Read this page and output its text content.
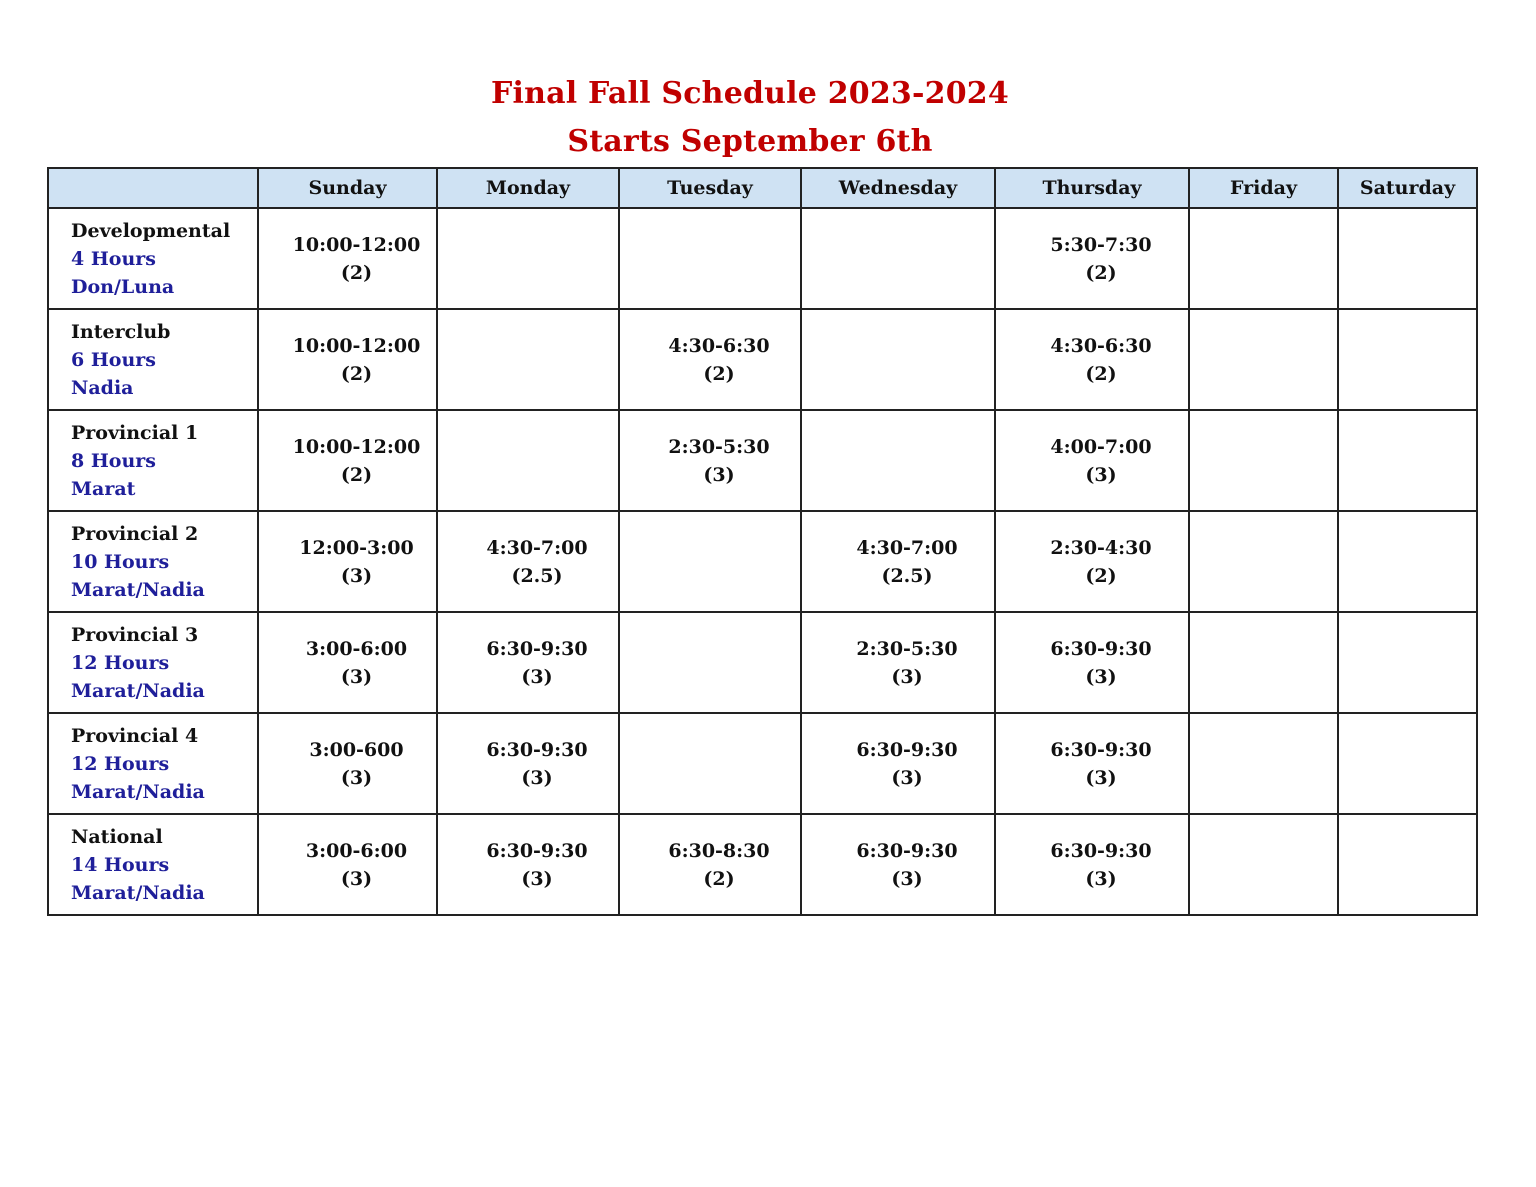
Final Fall Schedule 2023-2024
Starts September 6th
	Sunday	Monday	Tuesday	Wednesday	Thursday	Friday	Saturday

Developmental
4 Hours
Don/Luna	10:00-12:00
(2)				5:30-7:30
(2)		

Interclub
6 Hours
Nadia	10:00-12:00
(2)		4:30-6:30
(2)		4:30-6:30
(2)		

Provincial 1
8 Hours
Marat	10:00-12:00
(2)		2:30-5:30
(3)		4:00-7:00
(3)		

Provincial 2
10 Hours
Marat/Nadia	12:00-3:00
(3)	4:30-7:00
(2.5)		4:30-7:00
(2.5)	2:30-4:30
(2)		

Provincial 3
12 Hours
Marat/Nadia	3:00-6:00
(3)	6:30-9:30
(3)		2:30-5:30
(3)	6:30-9:30
(3)		

Provincial 4
12 Hours
Marat/Nadia	3:00-600
(3)	6:30-9:30
(3)		6:30-9:30
(3)	6:30-9:30
(3)		

National
14 Hours
Marat/Nadia	3:00-6:00
(3)	6:30-9:30
(3)	6:30-8:30
(2)	6:30-9:30
(3)	6:30-9:30
(3)		
